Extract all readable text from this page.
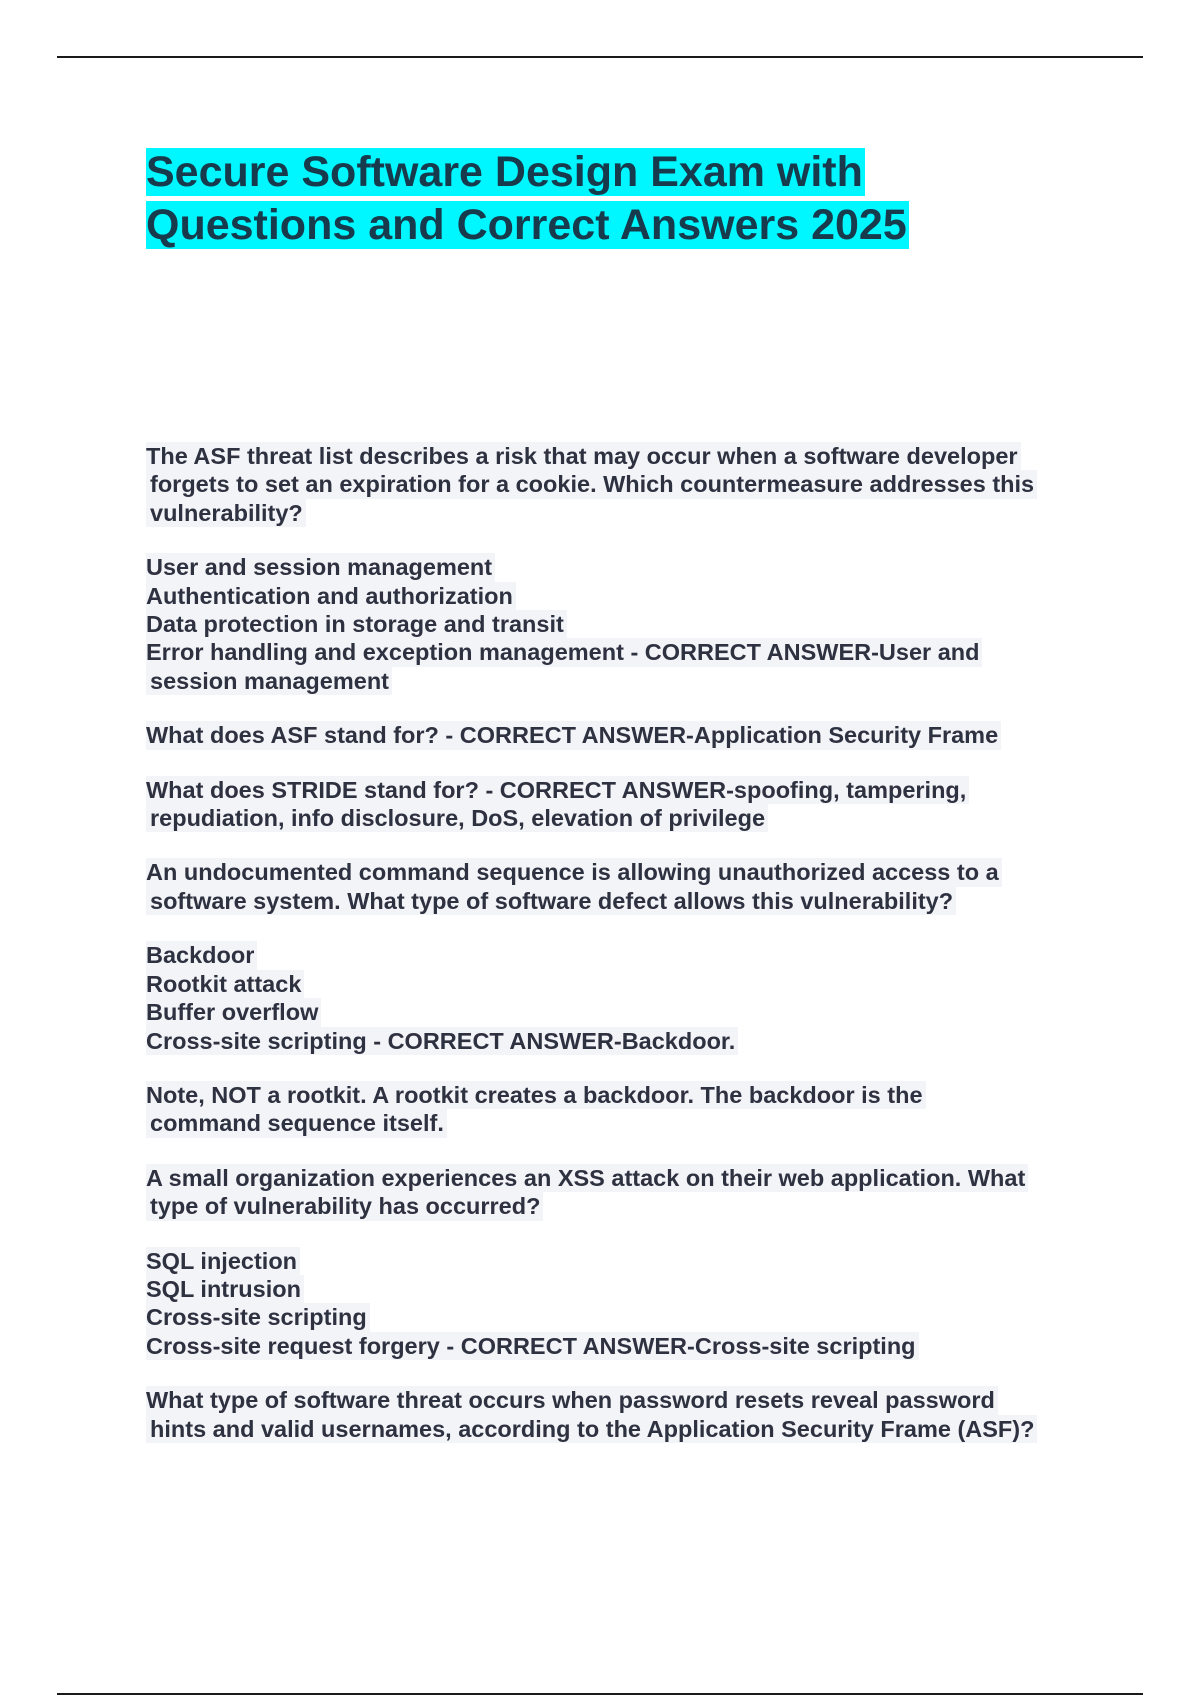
Secure Software Design Exam with
Questions and Correct Answers 2025
The ASF threat list describes a risk that may occur when a software developer
forgets to set an expiration for a cookie. Which countermeasure addresses this
vulnerability?
User and session management
Authentication and authorization
Data protection in storage and transit
Error handling and exception management - CORRECT ANSWER-User and
session management
What does ASF stand for? - CORRECT ANSWER-Application Security Frame
What does STRIDE stand for? - CORRECT ANSWER-spoofing, tampering,
repudiation, info disclosure, DoS, elevation of privilege
An undocumented command sequence is allowing unauthorized access to a
software system. What type of software defect allows this vulnerability?
Backdoor
Rootkit attack
Buffer overflow
Cross-site scripting - CORRECT ANSWER-Backdoor.
Note, NOT a rootkit. A rootkit creates a backdoor. The backdoor is the
command sequence itself.
A small organization experiences an XSS attack on their web application. What
type of vulnerability has occurred?
SQL injection
SQL intrusion
Cross-site scripting
Cross-site request forgery - CORRECT ANSWER-Cross-site scripting
What type of software threat occurs when password resets reveal password
hints and valid usernames, according to the Application Security Frame (ASF)?
